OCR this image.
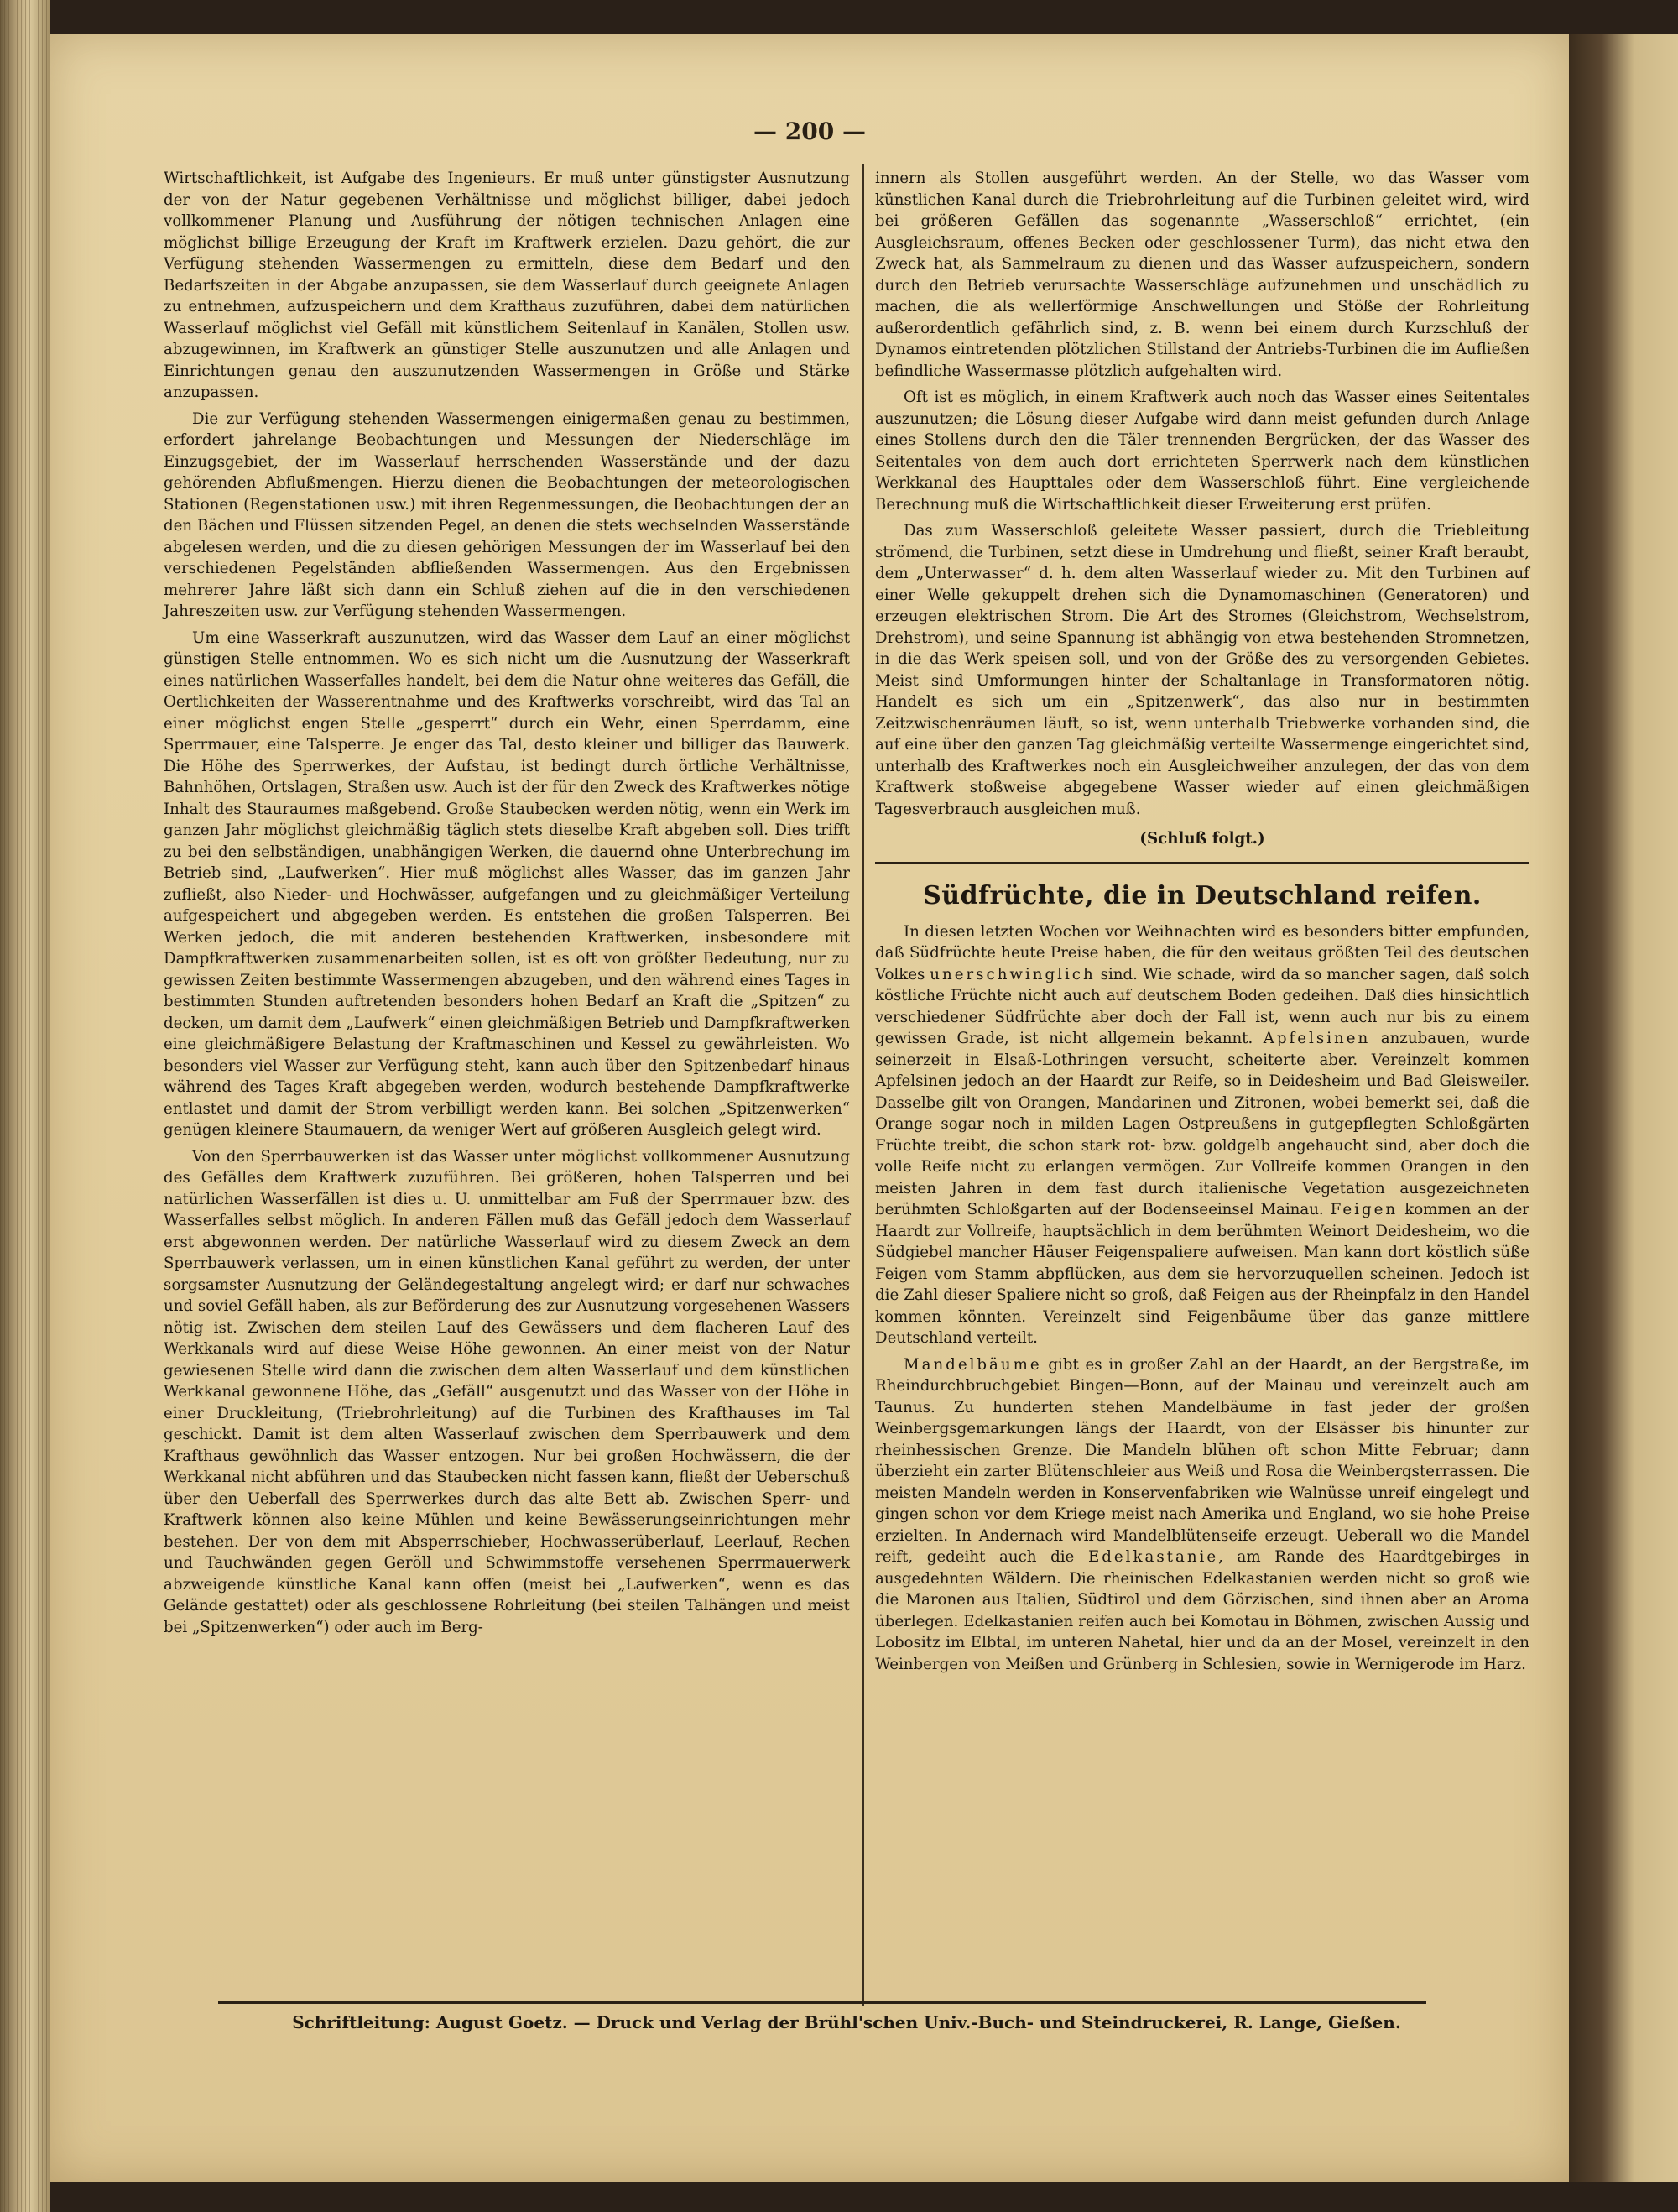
— 200 —

Wirtschaftlichkeit, ist Aufgabe des Ingenieurs. Er muß unter günstigster Ausnutzung der von der Natur gegebenen Verhältnisse und möglichst billiger, dabei jedoch vollkommener Planung und Ausführung der nötigen technischen Anlagen eine möglichst billige Erzeugung der Kraft im Kraftwerk erzielen. Dazu gehört, die zur Verfügung stehenden Wassermengen zu ermitteln, diese dem Bedarf und den Bedarfszeiten in der Abgabe anzupassen, sie dem Wasserlauf durch geeignete Anlagen zu entnehmen, aufzuspeichern und dem Krafthaus zuzuführen, dabei dem natürlichen Wasserlauf möglichst viel Gefäll mit künstlichem Seitenlauf in Kanälen, Stollen usw. abzugewinnen, im Kraftwerk an günstiger Stelle auszunutzen und alle Anlagen und Einrichtungen genau den auszunutzenden Wassermengen in Größe und Stärke anzupassen.

Die zur Verfügung stehenden Wassermengen einigermaßen genau zu bestimmen, erfordert jahrelange Beobachtungen und Messungen der Niederschläge im Einzugsgebiet, der im Wasserlauf herrschenden Wasserstände und der dazu gehörenden Abflußmengen. Hierzu dienen die Beobachtungen der meteorologischen Stationen (Regenstationen usw.) mit ihren Regenmessungen, die Beobachtungen der an den Bächen und Flüssen sitzenden Pegel, an denen die stets wechselnden Wasserstände abgelesen werden, und die zu diesen gehörigen Messungen der im Wasserlauf bei den verschiedenen Pegelständen abfließenden Wassermengen. Aus den Ergebnissen mehrerer Jahre läßt sich dann ein Schluß ziehen auf die in den verschiedenen Jahreszeiten usw. zur Verfügung stehenden Wassermengen.

Um eine Wasserkraft auszunutzen, wird das Wasser dem Lauf an einer möglichst günstigen Stelle entnommen. Wo es sich nicht um die Ausnutzung der Wasserkraft eines natürlichen Wasserfalles handelt, bei dem die Natur ohne weiteres das Gefäll, die Oertlichkeiten der Wasserentnahme und des Kraftwerks vorschreibt, wird das Tal an einer möglichst engen Stelle „gesperrt“ durch ein Wehr, einen Sperrdamm, eine Sperrmauer, eine Talsperre. Je enger das Tal, desto kleiner und billiger das Bauwerk. Die Höhe des Sperrwerkes, der Aufstau, ist bedingt durch örtliche Verhältnisse, Bahnhöhen, Ortslagen, Straßen usw. Auch ist der für den Zweck des Kraftwerkes nötige Inhalt des Stauraumes maßgebend. Große Staubecken werden nötig, wenn ein Werk im ganzen Jahr möglichst gleichmäßig täglich stets dieselbe Kraft abgeben soll. Dies trifft zu bei den selbständigen, unabhängigen Werken, die dauernd ohne Unterbrechung im Betrieb sind, „Laufwerken“. Hier muß möglichst alles Wasser, das im ganzen Jahr zufließt, also Nieder- und Hochwässer, aufgefangen und zu gleichmäßiger Verteilung aufgespeichert und abgegeben werden. Es entstehen die großen Talsperren. Bei Werken jedoch, die mit anderen bestehenden Kraftwerken, insbesondere mit Dampfkraftwerken zusammenarbeiten sollen, ist es oft von größter Bedeutung, nur zu gewissen Zeiten bestimmte Wassermengen abzugeben, und den während eines Tages in bestimmten Stunden auftretenden besonders hohen Bedarf an Kraft die „Spitzen“ zu decken, um damit dem „Laufwerk“ einen gleichmäßigen Betrieb und Dampfkraftwerken eine gleichmäßigere Belastung der Kraftmaschinen und Kessel zu gewährleisten. Wo besonders viel Wasser zur Verfügung steht, kann auch über den Spitzenbedarf hinaus während des Tages Kraft abgegeben werden, wodurch bestehende Dampfkraftwerke entlastet und damit der Strom verbilligt werden kann. Bei solchen „Spitzenwerken“ genügen kleinere Staumauern, da weniger Wert auf größeren Ausgleich gelegt wird.

Von den Sperrbauwerken ist das Wasser unter möglichst vollkommener Ausnutzung des Gefälles dem Kraftwerk zuzuführen. Bei größeren, hohen Talsperren und bei natürlichen Wasserfällen ist dies u. U. unmittelbar am Fuß der Sperrmauer bzw. des Wasserfalles selbst möglich. In anderen Fällen muß das Gefäll jedoch dem Wasserlauf erst abgewonnen werden. Der natürliche Wasserlauf wird zu diesem Zweck an dem Sperrbauwerk verlassen, um in einen künstlichen Kanal geführt zu werden, der unter sorgsamster Ausnutzung der Geländegestaltung angelegt wird; er darf nur schwaches und soviel Gefäll haben, als zur Beförderung des zur Ausnutzung vorgesehenen Wassers nötig ist. Zwischen dem steilen Lauf des Gewässers und dem flacheren Lauf des Werkkanals wird auf diese Weise Höhe gewonnen. An einer meist von der Natur gewiesenen Stelle wird dann die zwischen dem alten Wasserlauf und dem künstlichen Werkkanal gewonnene Höhe, das „Gefäll“ ausgenutzt und das Wasser von der Höhe in einer Druckleitung, (Triebrohrleitung) auf die Turbinen des Krafthauses im Tal geschickt. Damit ist dem alten Wasserlauf zwischen dem Sperrbauwerk und dem Krafthaus gewöhnlich das Wasser entzogen. Nur bei großen Hochwässern, die der Werkkanal nicht abführen und das Staubecken nicht fassen kann, fließt der Ueberschuß über den Ueberfall des Sperrwerkes durch das alte Bett ab. Zwischen Sperr- und Kraftwerk können also keine Mühlen und keine Bewässerungseinrichtungen mehr bestehen. Der von dem mit Absperrschieber, Hochwasserüberlauf, Leerlauf, Rechen und Tauchwänden gegen Geröll und Schwimmstoffe versehenen Sperrmauerwerk abzweigende künstliche Kanal kann offen (meist bei „Laufwerken“, wenn es das Gelände gestattet) oder als geschlossene Rohrleitung (bei steilen Talhängen und meist bei „Spitzenwerken“) oder auch im Berg-

innern als Stollen ausgeführt werden. An der Stelle, wo das Wasser vom künstlichen Kanal durch die Triebrohrleitung auf die Turbinen geleitet wird, wird bei größeren Gefällen das sogenannte „Wasserschloß“ errichtet, (ein Ausgleichsraum, offenes Becken oder geschlossener Turm), das nicht etwa den Zweck hat, als Sammelraum zu dienen und das Wasser aufzuspeichern, sondern durch den Betrieb verursachte Wasserschläge aufzunehmen und unschädlich zu machen, die als wellerförmige Anschwellungen und Stöße der Rohrleitung außerordentlich gefährlich sind, z. B. wenn bei einem durch Kurzschluß der Dynamos eintretenden plötzlichen Stillstand der Antriebs-Turbinen die im Aufließen befindliche Wassermasse plötzlich aufgehalten wird.

Oft ist es möglich, in einem Kraftwerk auch noch das Wasser eines Seitentales auszunutzen; die Lösung dieser Aufgabe wird dann meist gefunden durch Anlage eines Stollens durch den die Täler trennenden Bergrücken, der das Wasser des Seitentales von dem auch dort errichteten Sperrwerk nach dem künstlichen Werkkanal des Haupttales oder dem Wasserschloß führt. Eine vergleichende Berechnung muß die Wirtschaftlichkeit dieser Erweiterung erst prüfen.

Das zum Wasserschloß geleitete Wasser passiert, durch die Triebleitung strömend, die Turbinen, setzt diese in Umdrehung und fließt, seiner Kraft beraubt, dem „Unterwasser“ d. h. dem alten Wasserlauf wieder zu. Mit den Turbinen auf einer Welle gekuppelt drehen sich die Dynamomaschinen (Generatoren) und erzeugen elektrischen Strom. Die Art des Stromes (Gleichstrom, Wechselstrom, Drehstrom), und seine Spannung ist abhängig von etwa bestehenden Stromnetzen, in die das Werk speisen soll, und von der Größe des zu versorgenden Gebietes. Meist sind Umformungen hinter der Schaltanlage in Transformatoren nötig. Handelt es sich um ein „Spitzenwerk“, das also nur in bestimmten Zeitzwischenräumen läuft, so ist, wenn unterhalb Triebwerke vorhanden sind, die auf eine über den ganzen Tag gleichmäßig verteilte Wassermenge eingerichtet sind, unterhalb des Kraftwerkes noch ein Ausgleichweiher anzulegen, der das von dem Kraftwerk stoßweise abgegebene Wasser wieder auf einen gleichmäßigen Tagesverbrauch ausgleichen muß.

(Schluß folgt.)

Südfrüchte, die in Deutschland reifen.

In diesen letzten Wochen vor Weihnachten wird es besonders bitter empfunden, daß Südfrüchte heute Preise haben, die für den weitaus größten Teil des deutschen Volkes unerschwinglich sind. Wie schade, wird da so mancher sagen, daß solch köstliche Früchte nicht auch auf deutschem Boden gedeihen. Daß dies hinsichtlich verschiedener Südfrüchte aber doch der Fall ist, wenn auch nur bis zu einem gewissen Grade, ist nicht allgemein bekannt. Apfelsinen anzubauen, wurde seinerzeit in Elsaß-Lothringen versucht, scheiterte aber. Vereinzelt kommen Apfelsinen jedoch an der Haardt zur Reife, so in Deidesheim und Bad Gleisweiler. Dasselbe gilt von Orangen, Mandarinen und Zitronen, wobei bemerkt sei, daß die Orange sogar noch in milden Lagen Ostpreußens in gutgepflegten Schloßgärten Früchte treibt, die schon stark rot- bzw. goldgelb angehaucht sind, aber doch die volle Reife nicht zu erlangen vermögen. Zur Vollreife kommen Orangen in den meisten Jahren in dem fast durch italienische Vegetation ausgezeichneten berühmten Schloßgarten auf der Bodenseeinsel Mainau. Feigen kommen an der Haardt zur Vollreife, hauptsächlich in dem berühmten Weinort Deidesheim, wo die Südgiebel mancher Häuser Feigenspaliere aufweisen. Man kann dort köstlich süße Feigen vom Stamm abpflücken, aus dem sie hervorzuquellen scheinen. Jedoch ist die Zahl dieser Spaliere nicht so groß, daß Feigen aus der Rheinpfalz in den Handel kommen könnten. Vereinzelt sind Feigenbäume über das ganze mittlere Deutschland verteilt.

Mandelbäume gibt es in großer Zahl an der Haardt, an der Bergstraße, im Rheindurchbruchgebiet Bingen—Bonn, auf der Mainau und vereinzelt auch am Taunus. Zu hunderten stehen Mandelbäume in fast jeder der großen Weinbergsgemarkungen längs der Haardt, von der Elsässer bis hinunter zur rheinhessischen Grenze. Die Mandeln blühen oft schon Mitte Februar; dann überzieht ein zarter Blütenschleier aus Weiß und Rosa die Weinbergsterrassen. Die meisten Mandeln werden in Konservenfabriken wie Walnüsse unreif eingelegt und gingen schon vor dem Kriege meist nach Amerika und England, wo sie hohe Preise erzielten. In Andernach wird Mandelblütenseife erzeugt. Ueberall wo die Mandel reift, gedeiht auch die Edelkastanie, am Rande des Haardtgebirges in ausgedehnten Wäldern. Die rheinischen Edelkastanien werden nicht so groß wie die Maronen aus Italien, Südtirol und dem Görzischen, sind ihnen aber an Aroma überlegen. Edelkastanien reifen auch bei Komotau in Böhmen, zwischen Aussig und Lobositz im Elbtal, im unteren Nahetal, hier und da an der Mosel, vereinzelt in den Weinbergen von Meißen und Grünberg in Schlesien, sowie in Wernigerode im Harz.

Schriftleitung: August Goetz. — Druck und Verlag der Brühl'schen Univ.-Buch- und Steindruckerei, R. Lange, Gießen.
